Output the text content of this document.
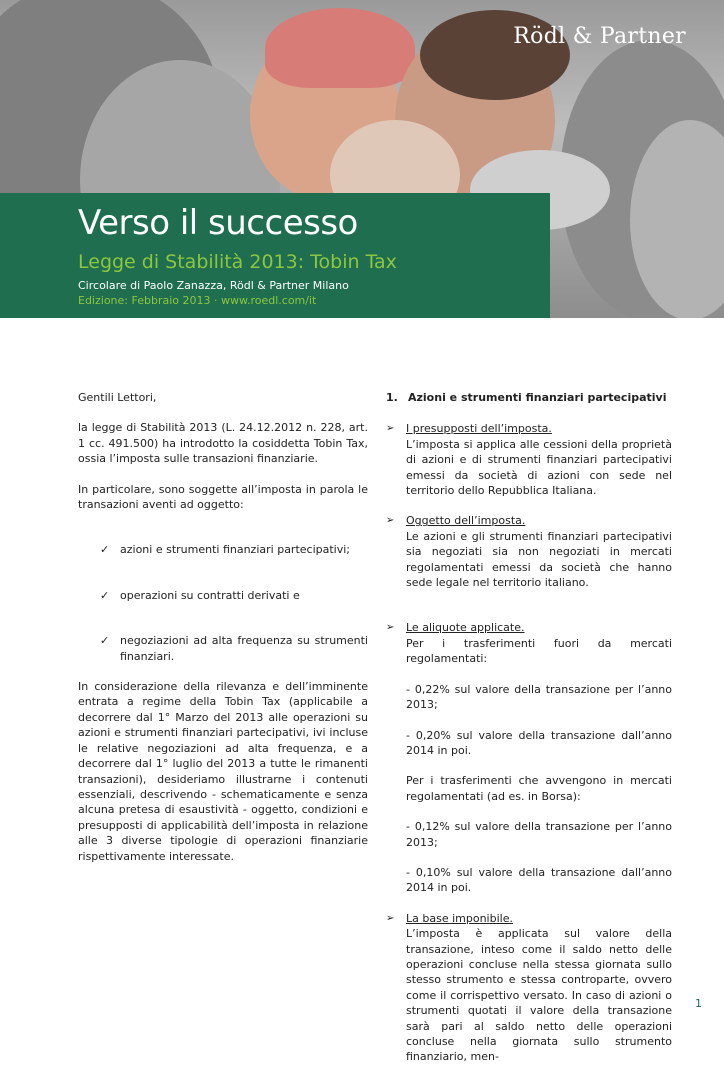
Rödl & Partner
Verso il successo
Legge di Stabilità 2013: Tobin Tax
Circolare di Paolo Zanazza, Rödl & Partner Milano
Edizione: Febbraio 2013 · www.roedl.com/it

Gentili Lettori,

la legge di Stabilità 2013 (L. 24.12.2012 n. 228, art. 1 cc. 491.500) ha introdotto la cosiddetta Tobin Tax, ossia l’imposta sulle transazioni finanziarie.

In particolare, sono soggette all’imposta in parola le transazioni aventi ad oggetto:

✓ azioni e strumenti finanziari partecipativi;
✓ operazioni su contratti derivati e
✓ negoziazioni ad alta frequenza su strumenti finanziari.

In considerazione della rilevanza e dell’imminente entrata a regime della Tobin Tax (applicabile a decorrere dal 1° Marzo del 2013 alle operazioni su azioni e strumenti finanziari partecipativi, ivi incluse le relative negoziazioni ad alta frequenza, e a decorrere dal 1° luglio del 2013 a tutte le rimanenti transazioni), desideriamo illustrarne i contenuti essenziali, descrivendo - schematicamente e senza alcuna pretesa di esaustività - oggetto, condizioni e presupposti di applicabilità dell’imposta in relazione alle 3 diverse tipologie di operazioni finanziarie rispettivamente interessate.

1. Azioni e strumenti finanziari partecipativi
➢	I presupposti dell’imposta.

L’imposta si applica alle cessioni della proprietà di azioni e di strumenti finanziari partecipativi emessi da società di azioni con sede nel territorio dello Repubblica Italiana.

➢	Oggetto dell’imposta.

Le azioni e gli strumenti finanziari partecipativi sia negoziati sia non negoziati in mercati regolamentati emessi da società che hanno sede legale nel territorio italiano.

➢	Le aliquote applicate.

Per i trasferimenti fuori da mercati regolamentati:

- 0,22% sul valore della transazione per l’anno 2013;

- 0,20% sul valore della transazione dall’anno 2014 in poi.

Per i trasferimenti che avvengono in mercati regolamentati (ad es. in Borsa):

- 0,12% sul valore della transazione per l’anno 2013;

- 0,10% sul valore della transazione dall’anno 2014 in poi.

➢	La base imponibile.

L’imposta è applicata sul valore della transazione, inteso come il saldo netto delle operazioni concluse nella stessa giornata sullo stesso strumento e stessa controparte, ovvero come il corrispettivo versato. In caso di azioni o strumenti quotati il valore della transazione sarà pari al saldo netto delle operazioni concluse nella giornata sullo strumento finanziario, men-

1
